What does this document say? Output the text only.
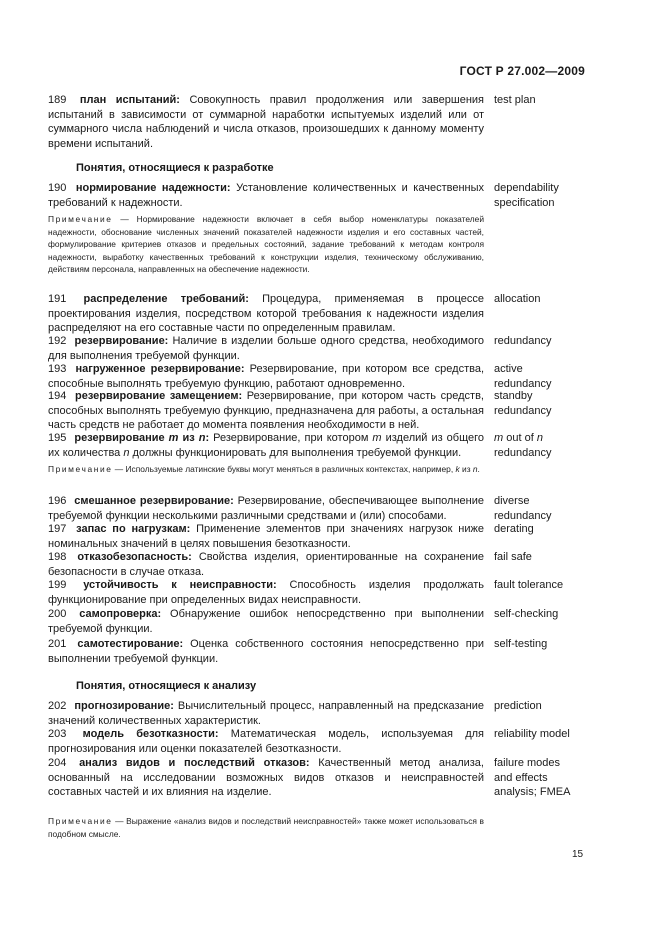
ГОСТ Р 27.002—2009
189 план испытаний: Совокупность правил продолжения или завершения испытаний в зависимости от суммарной наработки испытуемых изделий или от суммарного числа наблюдений и числа отказов, произошедших к данному моменту времени испытаний.
test plan
Понятия, относящиеся к разработке
190 нормирование надежности: Установление количественных и качественных требований к надежности.
dependability specification
Примечание — Нормирование надежности включает в себя выбор номенклатуры показателей надежности, обоснование численных значений показателей надежности изделия и его составных частей, формулирование критериев отказов и предельных состояний, задание требований к методам контроля надежности, выработку качественных требований к конструкции изделия, техническому обслуживанию, действиям персонала, направленных на обеспечение надежности.
191 распределение требований: Процедура, применяемая в процессе проектирования изделия, посредством которой требования к надежности изделия распределяют на его составные части по определенным правилам.
allocation
192 резервирование: Наличие в изделии больше одного средства, необходимого для выполнения требуемой функции.
redundancy
193 нагруженное резервирование: Резервирование, при котором все средства, способные выполнять требуемую функцию, работают одновременно.
active redundancy
194 резервирование замещением: Резервирование, при котором часть средств, способных выполнять требуемую функцию, предназначена для работы, а остальная часть средств не работает до момента появления необходимости в ней.
standby redundancy
195 резервирование m из n: Резервирование, при котором m изделий из общего их количества n должны функционировать для выполнения требуемой функции.
m out of n
redundancy
Примечание — Используемые латинские буквы могут меняться в различных контекстах, например, k из n.
196 смешанное резервирование: Резервирование, обеспечивающее выполнение требуемой функции несколькими различными средствами и (или) способами.
diverse redundancy
197 запас по нагрузкам: Применение элементов при значениях нагрузок ниже номинальных значений в целях повышения безотказности.
derating
198 отказобезопасность: Свойства изделия, ориентированные на сохранение безопасности в случае отказа.
fail safe
199 устойчивость к неисправности: Способность изделия продолжать функционирование при определенных видах неисправности.
fault tolerance
200 самопроверка: Обнаружение ошибок непосредственно при выполнении требуемой функции.
self-checking
201 самотестирование: Оценка собственного состояния непосредственно при выполнении требуемой функции.
self-testing
Понятия, относящиеся к анализу
202 прогнозирование: Вычислительный процесс, направленный на предсказание значений количественных характеристик.
prediction
203 модель безотказности: Математическая модель, используемая для прогнозирования или оценки показателей безотказности.
reliability model
204 анализ видов и последствий отказов: Качественный метод анализа, основанный на исследовании возможных видов отказов и неисправностей составных частей и их влияния на изделие.
failure modes and effects analysis; FMEA
Примечание — Выражение «анализ видов и последствий неисправностей» также может использоваться в подобном смысле.
15
